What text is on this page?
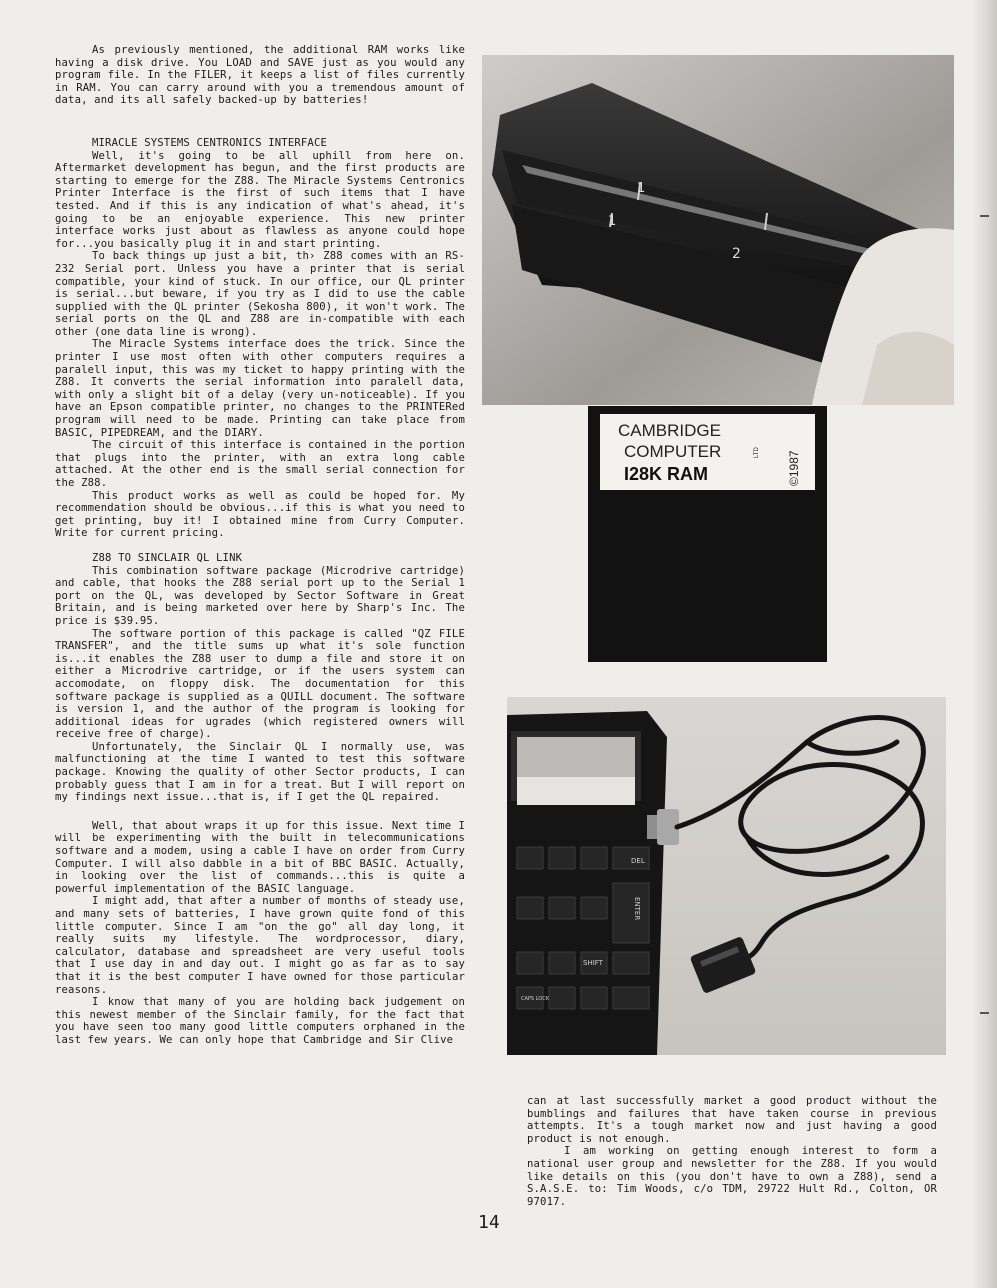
As previously mentioned, the additional RAM works like having a disk drive. You LOAD and SAVE just as you would any program file. In the FILER, it keeps a list of files currently in RAM. You can carry around with you a tremendous amount of data, and its all safely backed-up by batteries!

MIRACLE SYSTEMS CENTRONICS INTERFACE

Well, it's going to be all uphill from here on. Aftermarket development has begun, and the first products are starting to emerge for the Z88. The Miracle Systems Centronics Printer Interface is the first of such items that I have tested. And if this is any indication of what's ahead, it's going to be an enjoyable experience. This new printer interface works just about as flawless as anyone could hope for...you basically plug it in and start printing.

To back things up just a bit, th› Z88 comes with an RS-232 Serial port. Unless you have a printer that is serial compatible, your kind of stuck. In our office, our QL printer is serial...but beware, if you try as I did to use the cable supplied with the QL printer (Sekosha 800), it won't work. The serial ports on the QL and Z88 are in-compatible with each other (one data line is wrong).

The Miracle Systems interface does the trick. Since the printer I use most often with other computers requires a paralell input, this was my ticket to happy printing with the Z88. It converts the serial information into paralell data, with only a slight bit of a delay (very un-noticeable). If you have an Epson compatible printer, no changes to the PRINTERed program will need to be made. Printing can take place from BASIC, PIPEDREAM, and the DIARY.

The circuit of this interface is contained in the portion that plugs into the printer, with an extra long cable attached. At the other end is the small serial connection for the Z88.

This product works as well as could be hoped for. My recommendation should be obvious...if this is what you need to get printing, buy it! I obtained mine from Curry Computer. Write for current pricing.

Z88 TO SINCLAIR QL LINK

This combination software package (Microdrive cartridge) and cable, that hooks the Z88 serial port up to the Serial 1 port on the QL, was developed by Sector Software in Great Britain, and is being marketed over here by Sharp's Inc. The price is $39.95.

The software portion of this package is called "QZ FILE TRANSFER", and the title sums up what it's sole function is...it enables the Z88 user to dump a file and store it on either a Microdrive cartridge, or if the users system can accomodate, on floppy disk. The documentation for this software package is supplied as a QUILL document. The software is version 1, and the author of the program is looking for additional ideas for ugrades (which registered owners will receive free of charge).

Unfortunately, the Sinclair QL I normally use, was malfunctioning at the time I wanted to test this software package. Knowing the quality of other Sector products, I can probably guess that I am in for a treat. But I will report on my findings next issue...that is, if I get the QL repaired.

Well, that about wraps it up for this issue. Next time I will be experimenting with the built in telecommunications software and a modem, using a cable I have on order from Curry Computer. I will also dabble in a bit of BBC BASIC. Actually, in looking over the list of commands...this is quite a powerful implementation of the BASIC language.

I might add, that after a number of months of steady use, and many sets of batteries, I have grown quite fond of this little computer. Since I am "on the go" all day long, it really suits my lifestyle. The wordprocessor, diary, calculator, database and spreadsheet are very useful tools that I use day in and day out. I might go as far as to say that it is the best computer I have owned for those particular reasons.

I know that many of you are holding back judgement on this newest member of the Sinclair family, for the fact that you have seen too many good little computers orphaned in the last few years. We can only hope that Cambridge and Sir Clive

1
1
2
CAMBRIDGE
COMPUTER	LTD
I28K RAM	©1987
DEL
ENTER
SHIFT
CAPS LOCK

can at last successfully market a good product without the bumblings and failures that have taken course in previous attempts. It's a tough market now and just having a good product is not enough.

I am working on getting enough interest to form a national user group and newsletter for the Z88. If you would like details on this (you don't have to own a Z88), send a S.A.S.E. to: Tim Woods, c/o TDM, 29722 Hult Rd., Colton, OR 97017.

14
